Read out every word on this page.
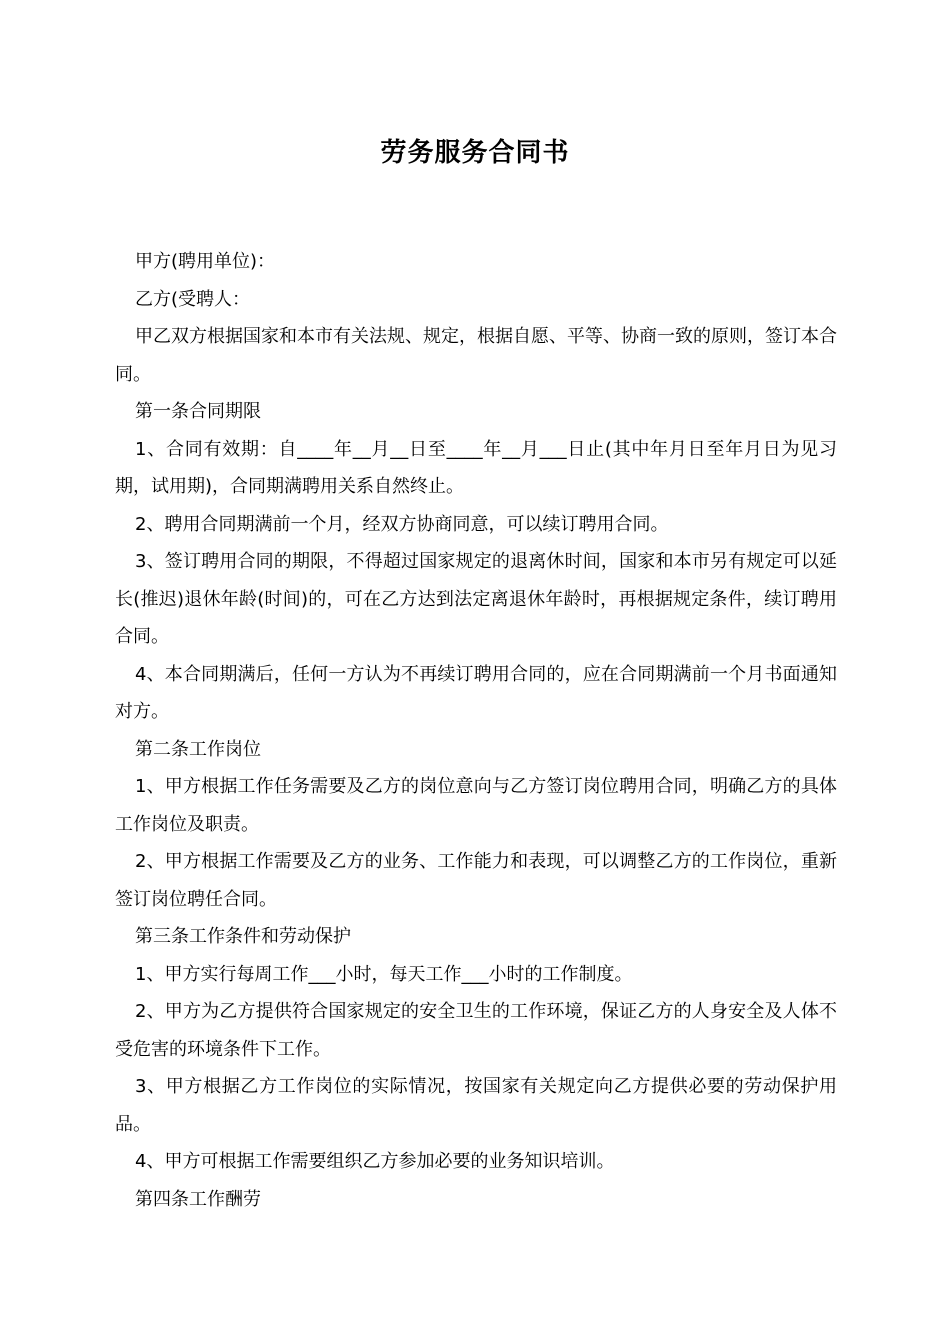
劳务服务合同书

甲方(聘用单位)：

乙方(受聘人：

甲乙双方根据国家和本市有关法规、规定，根据自愿、平等、协商一致的原则，签订本合同。

第一条合同期限

1、合同有效期：自____年__月__日至____年__月___日止(其中年月日至年月日为见习期，试用期)，合同期满聘用关系自然终止。

2、聘用合同期满前一个月，经双方协商同意，可以续订聘用合同。

3、签订聘用合同的期限，不得超过国家规定的退离休时间，国家和本市另有规定可以延长(推迟)退休年龄(时间)的，可在乙方达到法定离退休年龄时，再根据规定条件，续订聘用合同。

4、本合同期满后，任何一方认为不再续订聘用合同的，应在合同期满前一个月书面通知对方。

第二条工作岗位

1、甲方根据工作任务需要及乙方的岗位意向与乙方签订岗位聘用合同，明确乙方的具体工作岗位及职责。

2、甲方根据工作需要及乙方的业务、工作能力和表现，可以调整乙方的工作岗位，重新签订岗位聘任合同。

第三条工作条件和劳动保护

1、甲方实行每周工作___小时，每天工作___小时的工作制度。

2、甲方为乙方提供符合国家规定的安全卫生的工作环境，保证乙方的人身安全及人体不受危害的环境条件下工作。

3、甲方根据乙方工作岗位的实际情况，按国家有关规定向乙方提供必要的劳动保护用品。

4、甲方可根据工作需要组织乙方参加必要的业务知识培训。

第四条工作酬劳
